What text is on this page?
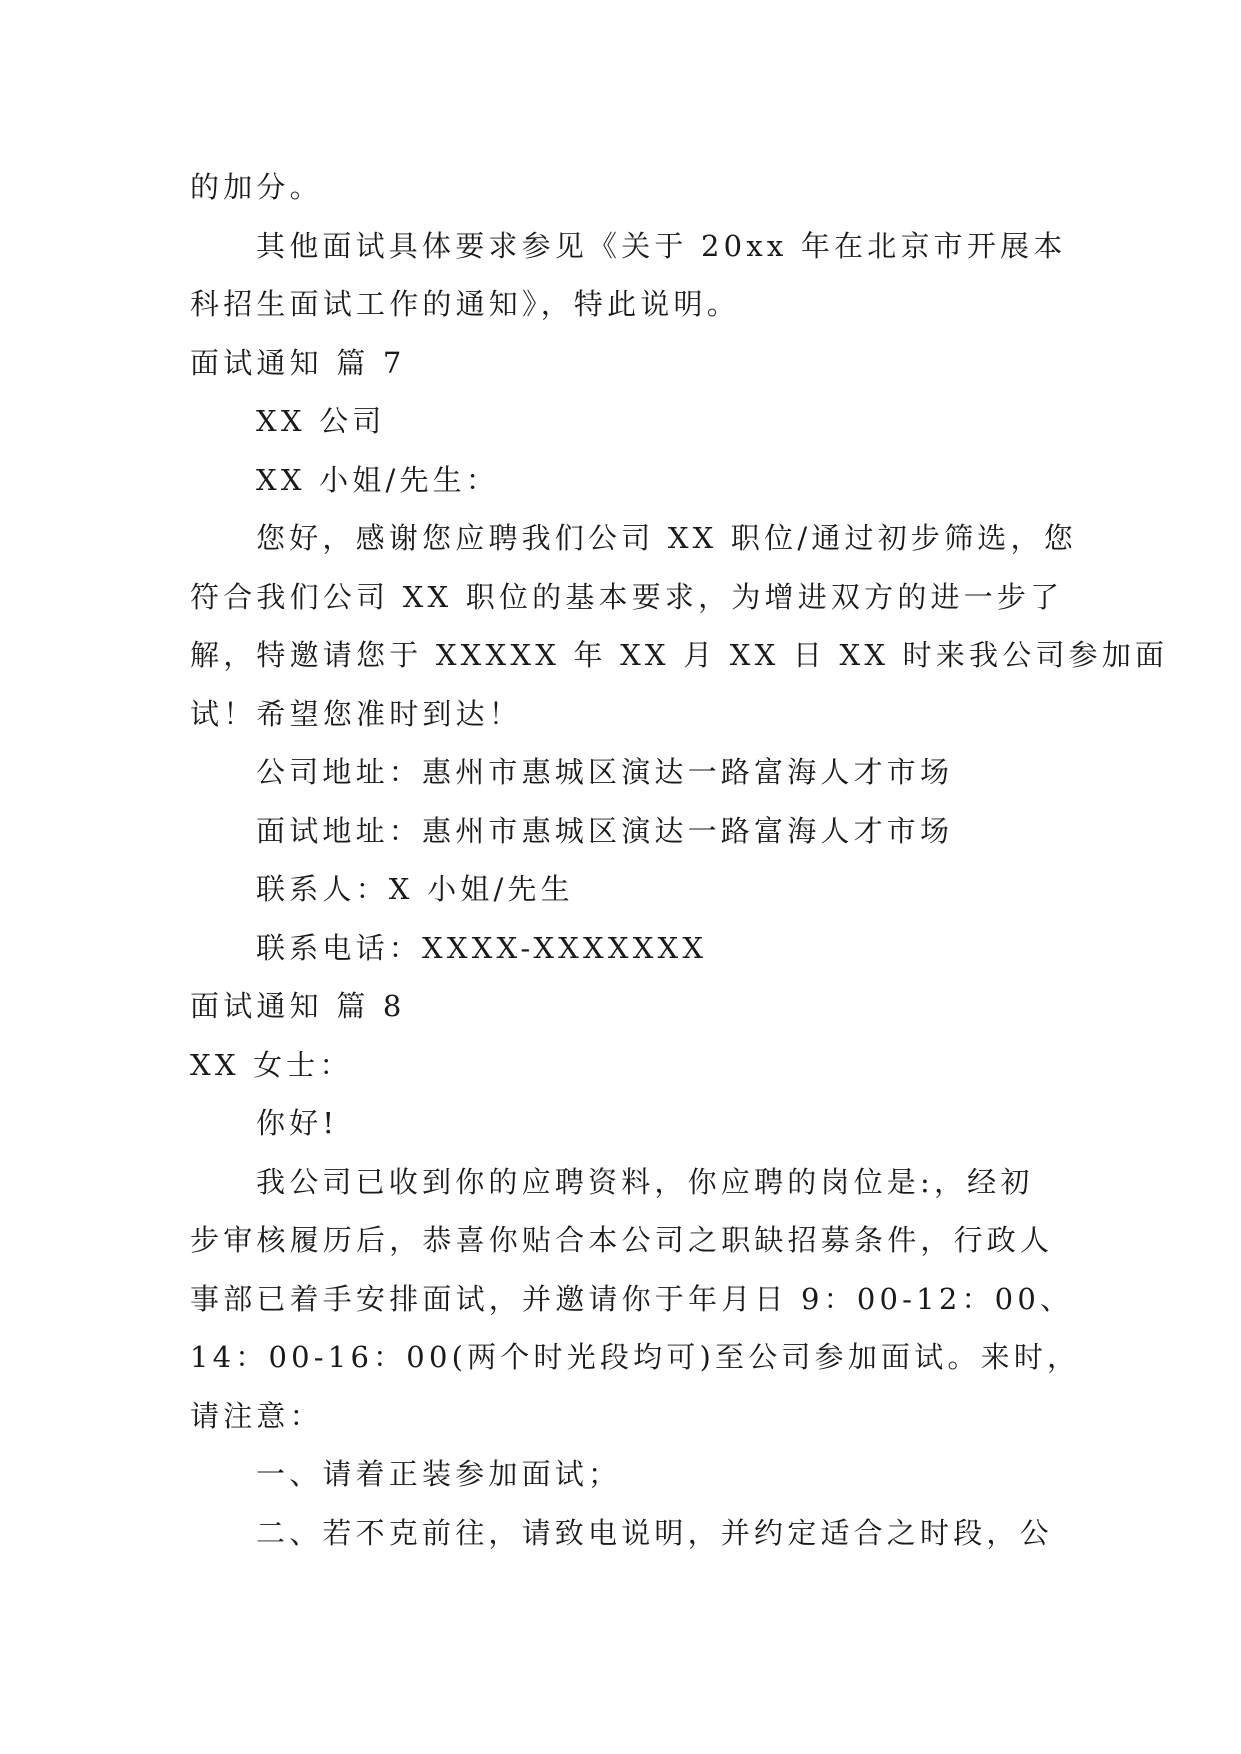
的加分。
其他面试具体要求参见《关于 20xx 年在北京市开展本
科招生面试工作的通知》，特此说明。
面试通知 篇 7
XX 公司
XX 小姐/先生：
您好，感谢您应聘我们公司 XX 职位/通过初步筛选，您
符合我们公司 XX 职位的基本要求，为增进双方的进一步了
解，特邀请您于 XXXXX 年 XX 月 XX 日 XX 时来我公司参加面
试！希望您准时到达！
公司地址：惠州市惠城区演达一路富海人才市场
面试地址：惠州市惠城区演达一路富海人才市场
联系人：X 小姐/先生
联系电话：XXXX-XXXXXXX
面试通知 篇 8
XX 女士：
你好!
我公司已收到你的应聘资料，你应聘的岗位是:，经初
步审核履历后，恭喜你贴合本公司之职缺招募条件，行政人
事部已着手安排面试，并邀请你于年月日 9：00-12：00、
14：00-16：00(两个时光段均可)至公司参加面试。来时，
请注意：
一、请着正装参加面试；
二、若不克前往，请致电说明，并约定适合之时段，公
